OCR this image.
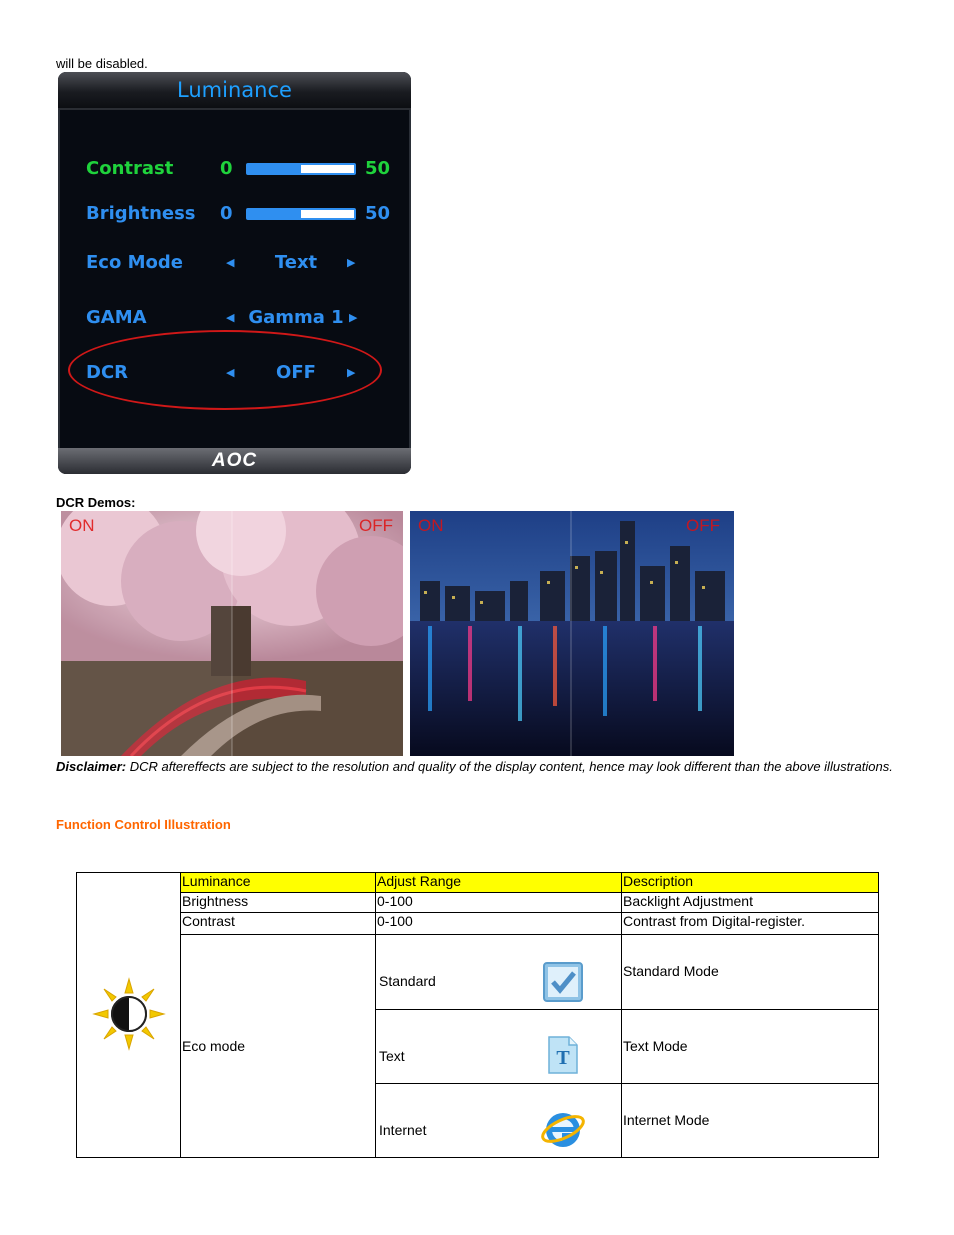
will be disabled.
Luminance
Contrast	0	50
Brightness 0	50
Eco Mode	◀	Text	▶
GAMA	◀ Gamma 1 ▶
DCR	◀	OFF	▶
AOC
DCR Demos:
ON	OFF ON	OFF
Disclaimer: DCR aftereffects are subject to the resolution and quality of the display content, hence may look different than the above illustrations.
Function Control Illustration
	Luminance	Adjust Range	Description
	Brightness	0-100	Backlight Adjustment
	Contrast	0-100	Contrast from Digital-register.
	Eco mode	Standard	Standard Mode

		Text T	Text Mode

		Internet	Internet Mode
